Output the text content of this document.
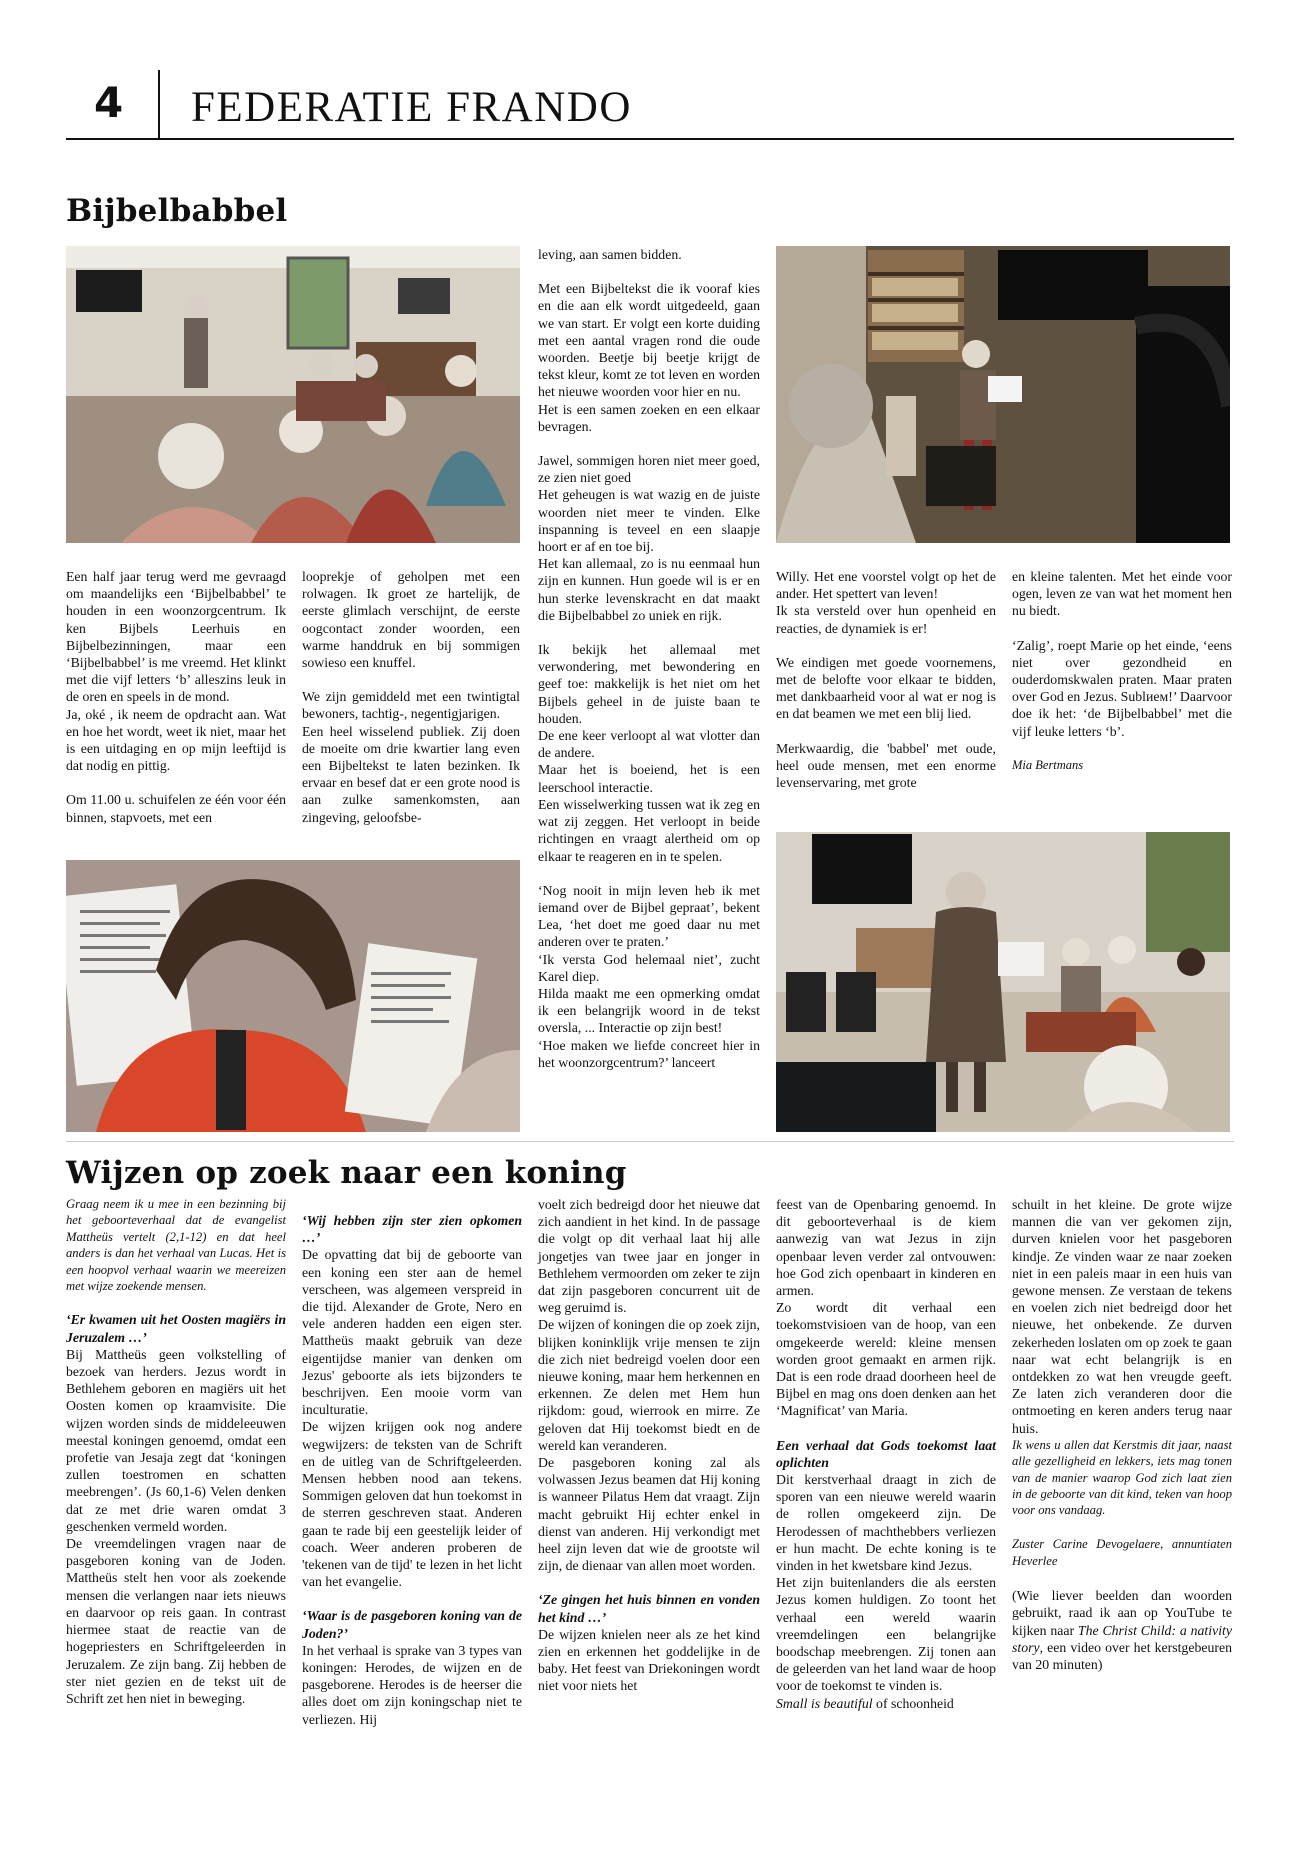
4 FEDERATIE FRANDO
Bijbelbabbel

Een half jaar terug werd me gevraagd om maandelijks een ‘Bijbelbabbel’ te houden in een woonzorgcentrum. Ik ken Bijbels Leerhuis en Bijbelbezinningen, maar een ‘Bijbelbabbel’ is me vreemd. Het klinkt met die vijf letters ‘b’ alleszins leuk in de oren en speels in de mond.

Ja, oké , ik neem de opdracht aan. Wat en hoe het wordt, weet ik niet, maar het is een uitdaging en op mijn leeftijd is dat nodig en pittig.

Om 11.00 u. schuifelen ze één voor één binnen, stapvoets, met een

looprekje of geholpen met een rolwagen. Ik groet ze hartelijk, de eerste glimlach verschijnt, de eerste oogcontact zonder woorden, een warme handdruk en bij sommigen sowieso een knuffel.

We zijn gemiddeld met een twintigtal bewoners, tachtig-, negentigjarigen.

Een heel wisselend publiek. Zij doen de moeite om drie kwartier lang even een Bijbeltekst te laten bezinken. Ik ervaar en besef dat er een grote nood is aan zulke samenkomsten, aan zingeving, geloofsbe-

leving, aan samen bidden.

Met een Bijbeltekst die ik vooraf kies en die aan elk wordt uitgedeeld, gaan we van start. Er volgt een korte duiding met een aantal vragen rond die oude woorden. Beetje bij beetje krijgt de tekst kleur, komt ze tot leven en worden het nieuwe woorden voor hier en nu.

Het is een samen zoeken en een elkaar bevragen.

Jawel, sommigen horen niet meer goed, ze zien niet goed

Het geheugen is wat wazig en de juiste woorden niet meer te vinden. Elke inspanning is teveel en een slaapje hoort er af en toe bij.

Het kan allemaal, zo is nu eenmaal hun zijn en kunnen. Hun goede wil is er en hun sterke levenskracht en dat maakt die Bijbelbabbel zo uniek en rijk.

Ik bekijk het allemaal met verwondering, met bewondering en geef toe: makkelijk is het niet om het Bijbels geheel in de juiste baan te houden.

De ene keer verloopt al wat vlotter dan de andere.

Maar het is boeiend, het is een leerschool interactie.

Een wisselwerking tussen wat ik zeg en wat zij zeggen. Het verloopt in beide richtingen en vraagt alertheid om op elkaar te reageren en in te spelen.

‘Nog nooit in mijn leven heb ik met iemand over de Bijbel gepraat’, bekent Lea, ‘het doet me goed daar nu met anderen over te praten.’

‘Ik versta God helemaal niet’, zucht Karel diep.

Hilda maakt me een opmerking omdat ik een belangrijk woord in de tekst oversla, ... Interactie op zijn best!

‘Hoe maken we liefde concreet hier in het woonzorgcentrum?’ lanceert

Willy. Het ene voorstel volgt op het de ander. Het spettert van leven!

Ik sta versteld over hun openheid en reacties, de dynamiek is er!

We eindigen met goede voornemens, met de belofte voor elkaar te bidden, met dankbaarheid voor al wat er nog is en dat beamen we met een blij lied.

Merkwaardig, die 'babbel' met oude, heel oude mensen, met een enorme levenservaring, met grote

en kleine talenten. Met het einde voor ogen, leven ze van wat het moment hen nu biedt.

‘Zalig’, roept Marie op het einde, ‘eens niet over gezondheid en ouderdomskwalen praten. Maar praten over God en Jezus. Sublием!’ Daarvoor doe ik het: ‘de Bijbelbabbel’ met die vijf leuke letters ‘b’.

Mia Bertmans

Wijzen op zoek naar een koning

Graag neem ik u mee in een bezinning bij het geboorteverhaal dat de evangelist Mattheüs vertelt (2,1-12) en dat heel anders is dan het verhaal van Lucas. Het is een hoopvol verhaal waarin we meereizen met wijze zoekende mensen.

‘Er kwamen uit het Oosten magiërs in Jeruzalem …’

Bij Mattheüs geen volkstelling of bezoek van herders. Jezus wordt in Bethlehem geboren en magiërs uit het Oosten komen op kraamvisite. Die wijzen worden sinds de middeleeuwen meestal koningen genoemd, omdat een profetie van Jesaja zegt dat ‘koningen zullen toestromen en schatten meebrengen’. (Js 60,1-6) Velen denken dat ze met drie waren omdat 3 geschenken vermeld worden.

De vreemdelingen vragen naar de pasgeboren koning van de Joden. Mattheüs stelt hen voor als zoekende mensen die verlangen naar iets nieuws en daarvoor op reis gaan. In contrast hiermee staat de reactie van de hogepriesters en Schriftgeleerden in Jeruzalem. Ze zijn bang. Zij hebben de ster niet gezien en de tekst uit de Schrift zet hen niet in beweging.

‘Wij hebben zijn ster zien opkomen …’

De opvatting dat bij de geboorte van een koning een ster aan de hemel verscheen, was algemeen verspreid in die tijd. Alexander de Grote, Nero en vele anderen hadden een eigen ster. Mattheüs maakt gebruik van deze eigentijdse manier van denken om Jezus' geboorte als iets bijzonders te beschrijven. Een mooie vorm van inculturatie.

De wijzen krijgen ook nog andere wegwijzers: de teksten van de Schrift en de uitleg van de Schriftgeleerden. Mensen hebben nood aan tekens. Sommigen geloven dat hun toekomst in de sterren geschreven staat. Anderen gaan te rade bij een geestelijk leider of coach. Weer anderen proberen de 'tekenen van de tijd' te lezen in het licht van het evangelie.

‘Waar is de pasgeboren koning van de Joden?’

In het verhaal is sprake van 3 types van koningen: Herodes, de wijzen en de pasgeborene. Herodes is de heerser die alles doet om zijn koningschap niet te verliezen. Hij

voelt zich bedreigd door het nieuwe dat zich aandient in het kind. In de passage die volgt op dit verhaal laat hij alle jongetjes van twee jaar en jonger in Bethlehem vermoorden om zeker te zijn dat zijn pasgeboren concurrent uit de weg geruimd is.

De wijzen of koningen die op zoek zijn, blijken koninklijk vrije mensen te zijn die zich niet bedreigd voelen door een nieuwe koning, maar hem herkennen en erkennen. Ze delen met Hem hun rijkdom: goud, wierrook en mirre. Ze geloven dat Hij toekomst biedt en de wereld kan veranderen.

De pasgeboren koning zal als volwassen Jezus beamen dat Hij koning is wanneer Pilatus Hem dat vraagt. Zijn macht gebruikt Hij echter enkel in dienst van anderen. Hij verkondigt met heel zijn leven dat wie de grootste wil zijn, de dienaar van allen moet worden.

‘Ze gingen het huis binnen en vonden het kind …’

De wijzen knielen neer als ze het kind zien en erkennen het goddelijke in de baby. Het feest van Driekoningen wordt niet voor niets het

feest van de Openbaring genoemd. In dit geboorteverhaal is de kiem aanwezig van wat Jezus in zijn openbaar leven verder zal ontvouwen: hoe God zich openbaart in kinderen en armen.

Zo wordt dit verhaal een toekomstvisioen van de hoop, van een omgekeerde wereld: kleine mensen worden groot gemaakt en armen rijk. Dat is een rode draad doorheen heel de Bijbel en mag ons doen denken aan het ‘Magnificat’ van Maria.

Een verhaal dat Gods toekomst laat oplichten

Dit kerstverhaal draagt in zich de sporen van een nieuwe wereld waarin de rollen omgekeerd zijn. De Herodessen of machthebbers verliezen er hun macht. De echte koning is te vinden in het kwetsbare kind Jezus.

Het zijn buitenlanders die als eersten Jezus komen huldigen. Zo toont het verhaal een wereld waarin vreemdelingen een belangrijke boodschap meebrengen. Zij tonen aan de geleerden van het land waar de hoop voor de toekomst te vinden is.

Small is beautiful of schoonheid

schuilt in het kleine. De grote wijze mannen die van ver gekomen zijn, durven knielen voor het pasgeboren kindje. Ze vinden waar ze naar zoeken niet in een paleis maar in een huis van gewone mensen. Ze verstaan de tekens en voelen zich niet bedreigd door het nieuwe, het onbekende. Ze durven zekerheden loslaten om op zoek te gaan naar wat echt belangrijk is en ontdekken zo wat hen vreugde geeft. Ze laten zich veranderen door die ontmoeting en keren anders terug naar huis.

Ik wens u allen dat Kerstmis dit jaar, naast alle gezelligheid en lekkers, iets mag tonen van de manier waarop God zich laat zien in de geboorte van dit kind, teken van hoop voor ons vandaag.

Zuster Carine Devogelaere, annuntiaten Heverlee

(Wie liever beelden dan woorden gebruikt, raad ik aan op YouTube te kijken naar The Christ Child: a nativity story, een video over het kerstgebeuren van 20 minuten)
